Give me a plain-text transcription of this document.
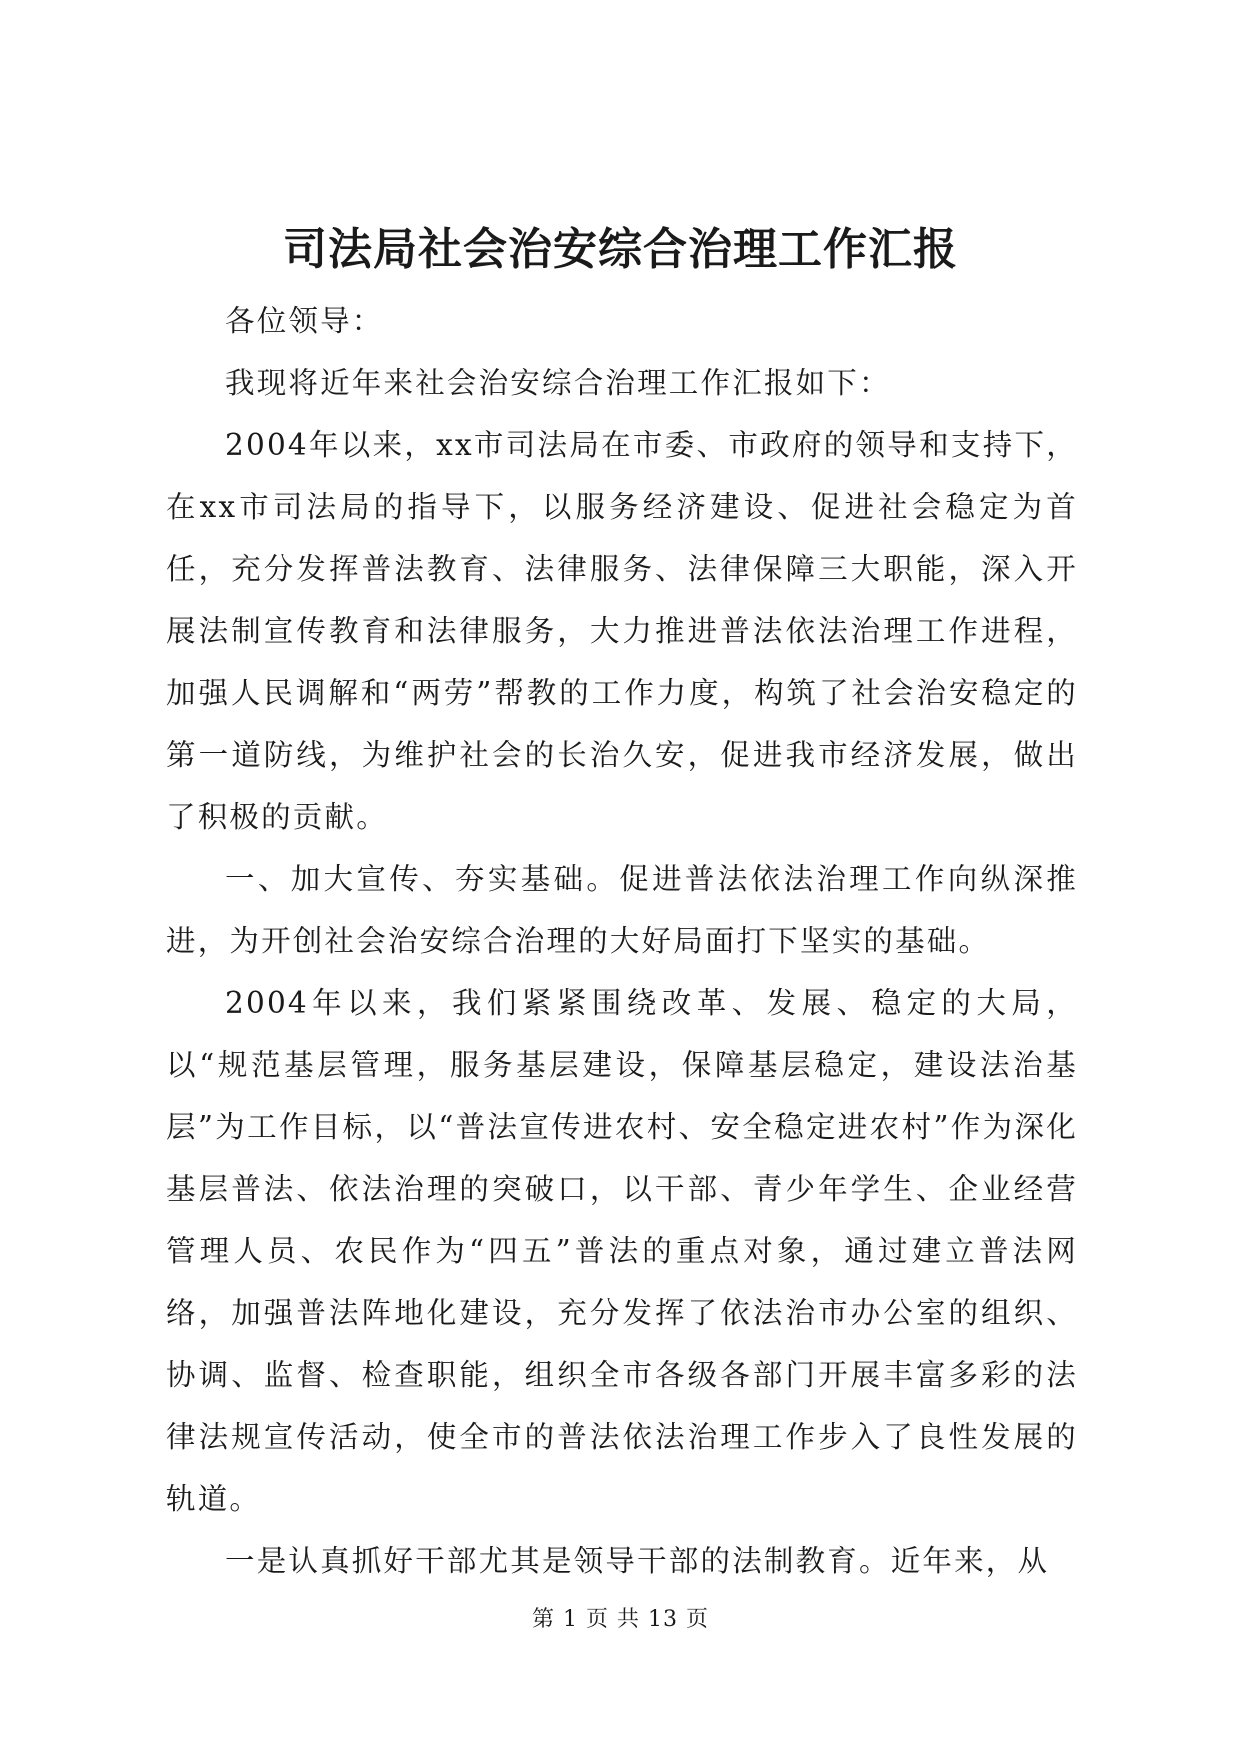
司法局社会治安综合治理工作汇报

各位领导：

我现将近年来社会治安综合治理工作汇报如下：

2004年以来，xx市司法局在市委、市政府的领导和支持下，在xx市司法局的指导下，以服务经济建设、促进社会稳定为首任，充分发挥普法教育、法律服务、法律保障三大职能，深入开展法制宣传教育和法律服务，大力推进普法依法治理工作进程，加强人民调解和“两劳”帮教的工作力度，构筑了社会治安稳定的第一道防线，为维护社会的长治久安，促进我市经济发展，做出了积极的贡献。

一、加大宣传、夯实基础。促进普法依法治理工作向纵深推进，为开创社会治安综合治理的大好局面打下坚实的基础。

2004年以来，我们紧紧围绕改革、发展、稳定的大局，以“规范基层管理，服务基层建设，保障基层稳定，建设法治基层”为工作目标，以“普法宣传进农村、安全稳定进农村”作为深化基层普法、依法治理的突破口，以干部、青少年学生、企业经营管理人员、农民作为“四五”普法的重点对象，通过建立普法网络，加强普法阵地化建设，充分发挥了依法治市办公室的组织、协调、监督、检查职能，组织全市各级各部门开展丰富多彩的法律法规宣传活动，使全市的普法依法治理工作步入了良性发展的轨道。

一是认真抓好干部尤其是领导干部的法制教育。近年来，从

第 1 页 共 13 页
